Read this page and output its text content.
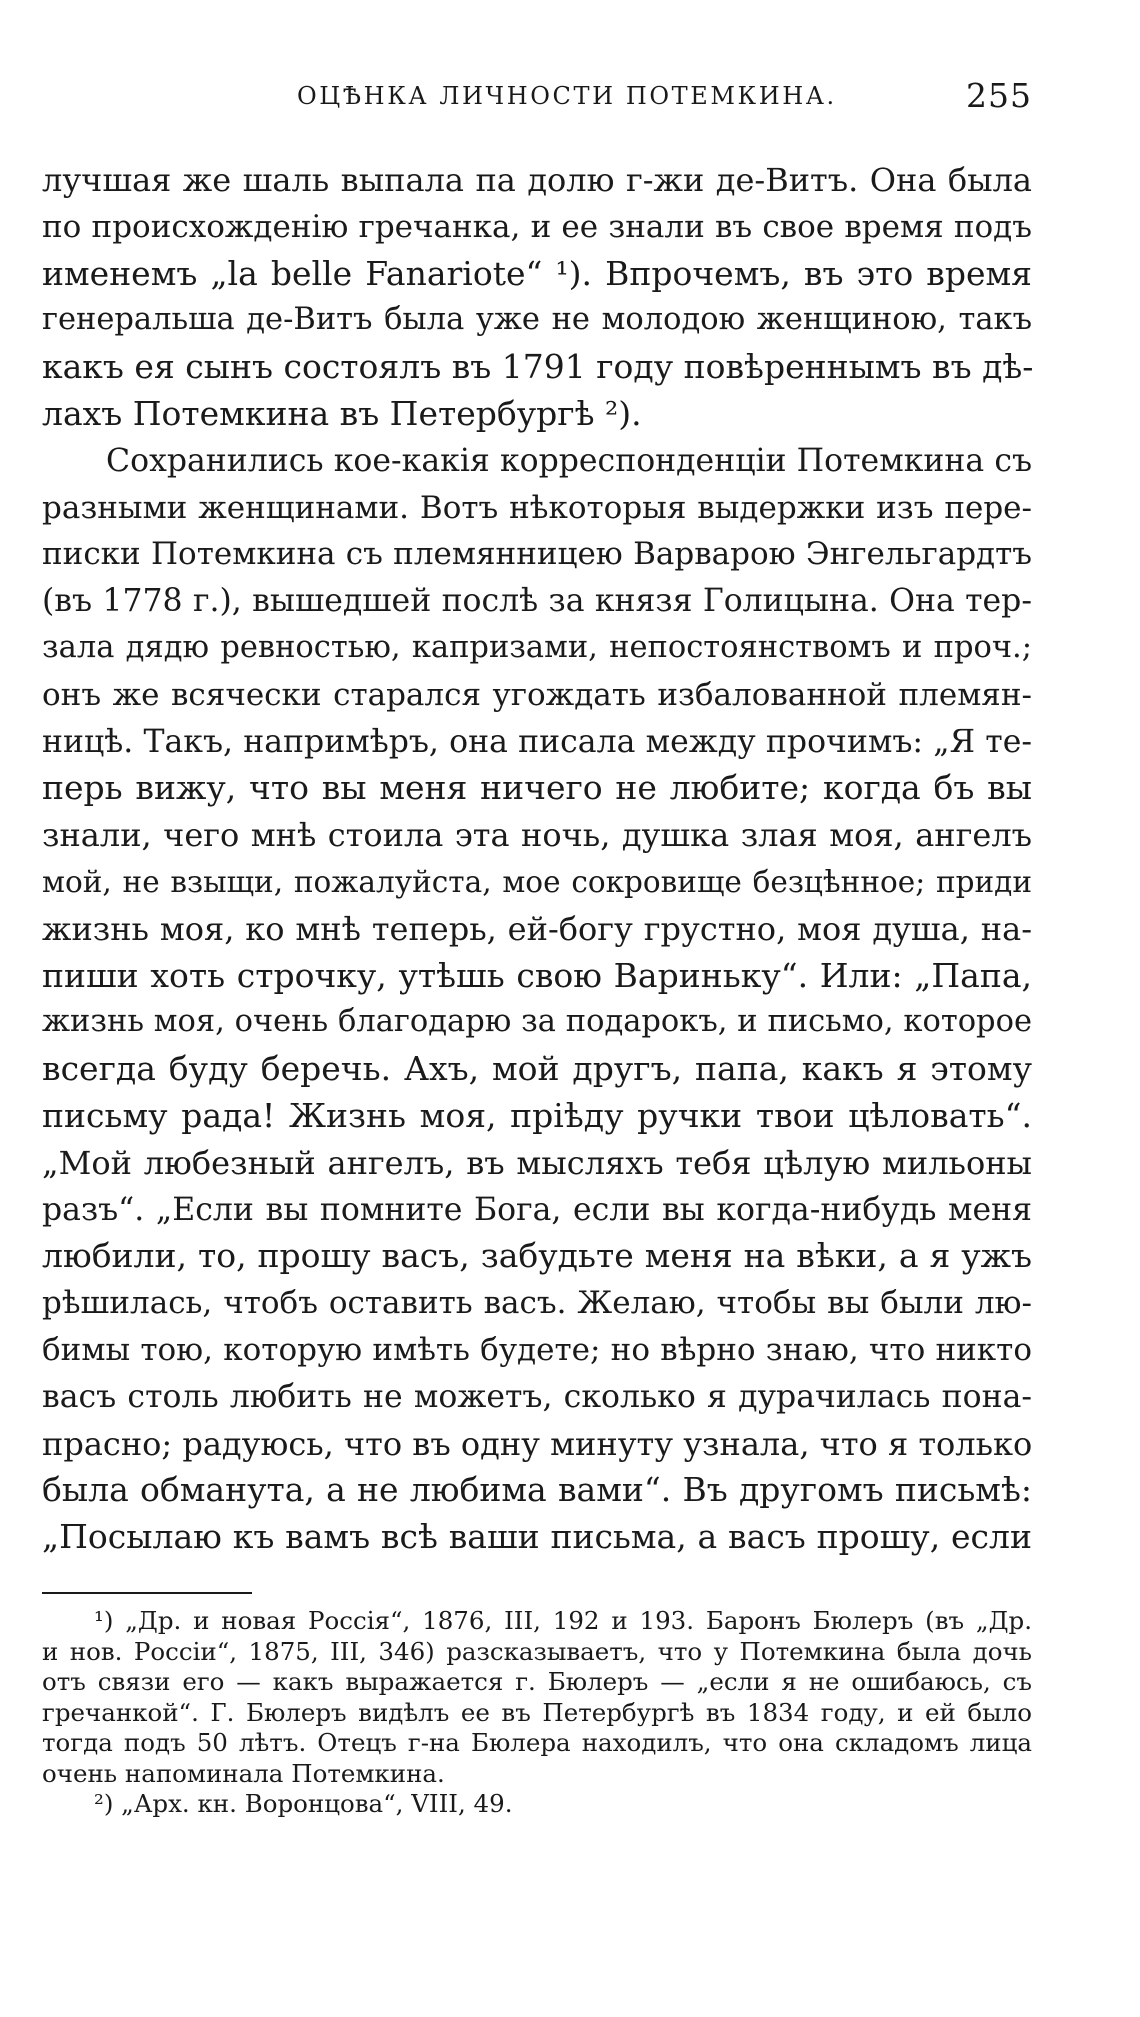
ОЦѢНКА ЛИЧНОСТИ ПОТЕМКИНА.	255
лучшая же шаль выпала па долю г-жи де-Витъ. Она была
по происхожденію гречанка, и ее знали въ свое время подъ
именемъ „la belle Fanariote“ ¹). Впрочемъ, въ это время
генеральша де-Витъ была уже не молодою женщиною, такъ
какъ ея сынъ состоялъ въ 1791 году повѣреннымъ въ дѣ-
лахъ Потемкина въ Петербургѣ ²).
Сохранились кое-какія корреспонденціи Потемкина съ
разными женщинами. Вотъ нѣкоторыя выдержки изъ пере-
писки Потемкина съ племянницею Варварою Энгельгардтъ
(въ 1778 г.), вышедшей послѣ за князя Голицына. Она тер-
зала дядю ревностью, капризами, непостоянствомъ и проч.;
онъ же всячески старался угождать избалованной племян-
ницѣ. Такъ, напримѣръ, она писала между прочимъ: „Я те-
перь вижу, что вы меня ничего не любите; когда бъ вы
знали, чего мнѣ стоила эта ночь, душка злая моя, ангелъ
мой, не взыщи, пожалуйста, мое сокровище безцѣнное; приди
жизнь моя, ко мнѣ теперь, ей-богу грустно, моя душа, на-
пиши хоть строчку, утѣшь свою Вариньку“. Или: „Папа,
жизнь моя, очень благодарю за подарокъ, и письмо, которое
всегда буду беречь. Ахъ, мой другъ, папа, какъ я этому
письму рада! Жизнь моя, пріѣду ручки твои цѣловать“.
„Мой любезный ангелъ, въ мысляхъ тебя цѣлую мильоны
разъ“. „Если вы помните Бога, если вы когда-нибудь меня
любили, то, прошу васъ, забудьте меня на вѣки, а я ужъ
рѣшилась, чтобъ оставить васъ. Желаю, чтобы вы были лю-
бимы тою, которую имѣть будете; но вѣрно знаю, что никто
васъ столь любить не можетъ, сколько я дурачилась пона-
прасно; радуюсь, что въ одну минуту узнала, что я только
была обманута, а не любима вами“. Въ другомъ письмѣ:
„Посылаю къ вамъ всѣ ваши письма, а васъ прошу, если
¹) „Др. и новая Россія“, 1876, III, 192 и 193. Баронъ Бюлеръ (въ „Др.
и нов. Россіи“, 1875, III, 346) разсказываетъ, что у Потемкина была дочь
отъ связи его — какъ выражается г. Бюлеръ — „если я не ошибаюсь, съ
гречанкой“. Г. Бюлеръ видѣлъ ее въ Петербургѣ въ 1834 году, и ей было
тогда подъ 50 лѣтъ. Отецъ г-на Бюлера находилъ, что она складомъ лица
очень напоминала Потемкина.
²) „Арх. кн. Воронцова“, VIII, 49.
